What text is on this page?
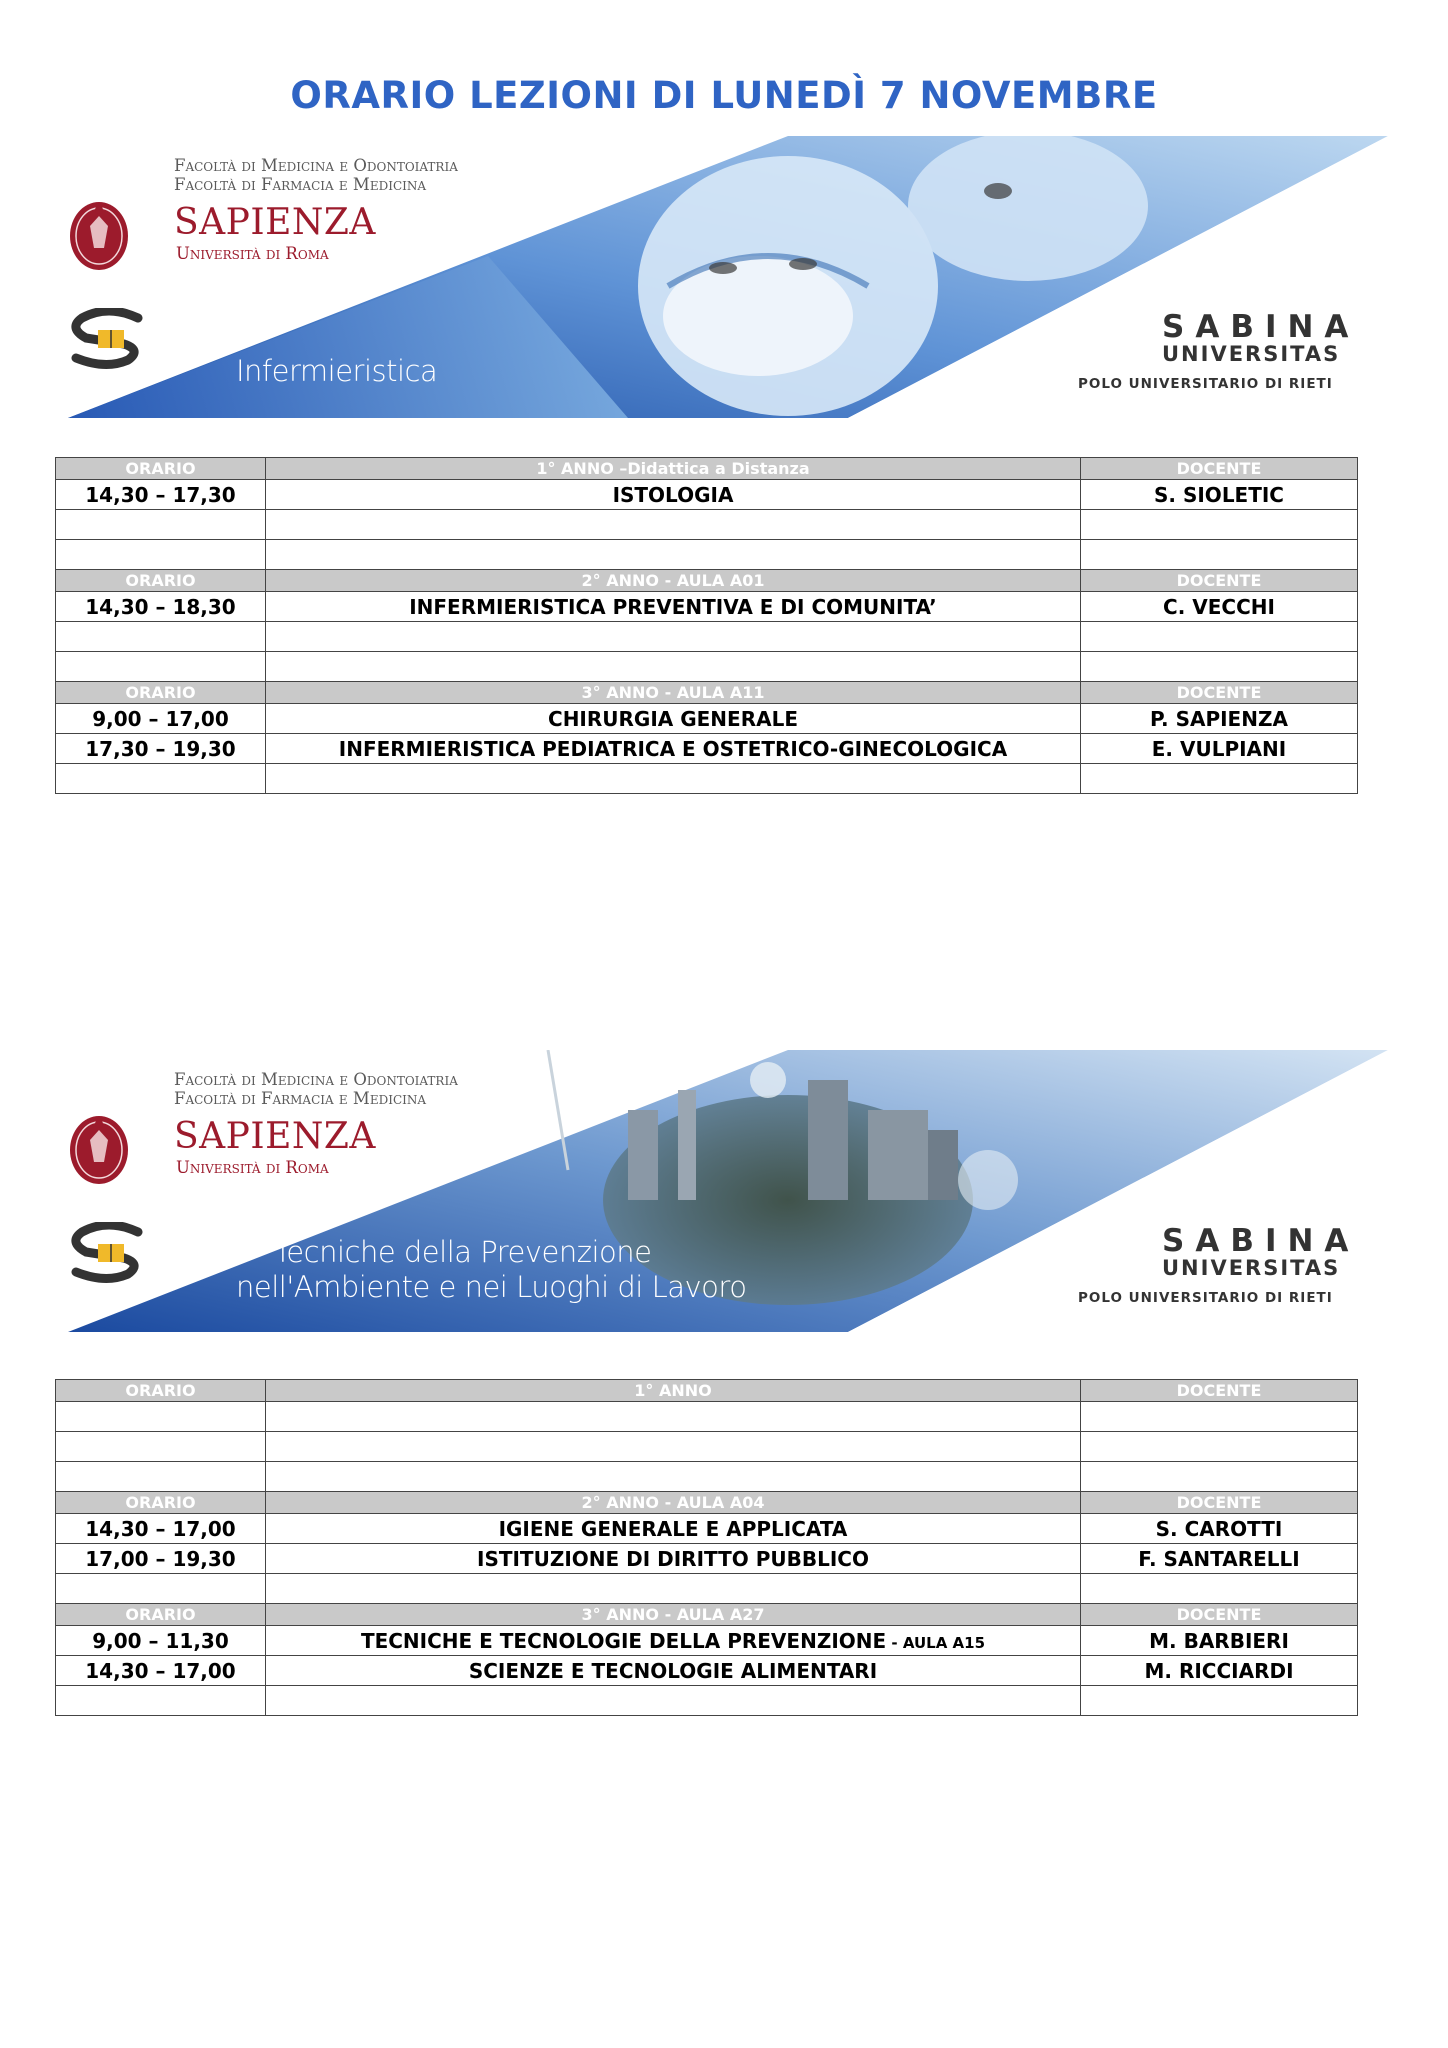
ORARIO LEZIONI DI LUNEDÌ 7 NOVEMBRE
Facoltà di Medicina e Odontoiatria
Facoltà di Farmacia e Medicina
SAPIENZA
Università di Roma
Infermieristica
SABINA
UNIVERSITAS
POLO UNIVERSITARIO DI RIETI
ORARIO	1° ANNO –Didattica a Distanza	DOCENTE
14,30 – 17,30	ISTOLOGIA	S. SIOLETIC

ORARIO	2° ANNO - AULA A01	DOCENTE
14,30 – 18,30	INFERMIERISTICA PREVENTIVA E DI COMUNITA’	C. VECCHI

ORARIO	3° ANNO - AULA A11	DOCENTE
9,00 – 17,00	CHIRURGIA GENERALE	P. SAPIENZA
17,30 – 19,30	INFERMIERISTICA PEDIATRICA E OSTETRICO-GINECOLOGICA	E. VULPIANI

Facoltà di Medicina e Odontoiatria
Facoltà di Farmacia e Medicina
SAPIENZA
Università di Roma
Tecniche della Prevenzione
nell'Ambiente e nei Luoghi di Lavoro
SABINA
UNIVERSITAS
POLO UNIVERSITARIO DI RIETI
ORARIO	1° ANNO	DOCENTE

ORARIO	2° ANNO - AULA A04	DOCENTE
14,30 – 17,00	IGIENE GENERALE E APPLICATA	S. CAROTTI
17,00 – 19,30	ISTITUZIONE DI DIRITTO PUBBLICO	F. SANTARELLI

ORARIO	3° ANNO - AULA A27	DOCENTE
9,00 – 11,30	TECNICHE E TECNOLOGIE DELLA PREVENZIONE - AULA A15	M. BARBIERI
14,30 – 17,00	SCIENZE E TECNOLOGIE ALIMENTARI	M. RICCIARDI
